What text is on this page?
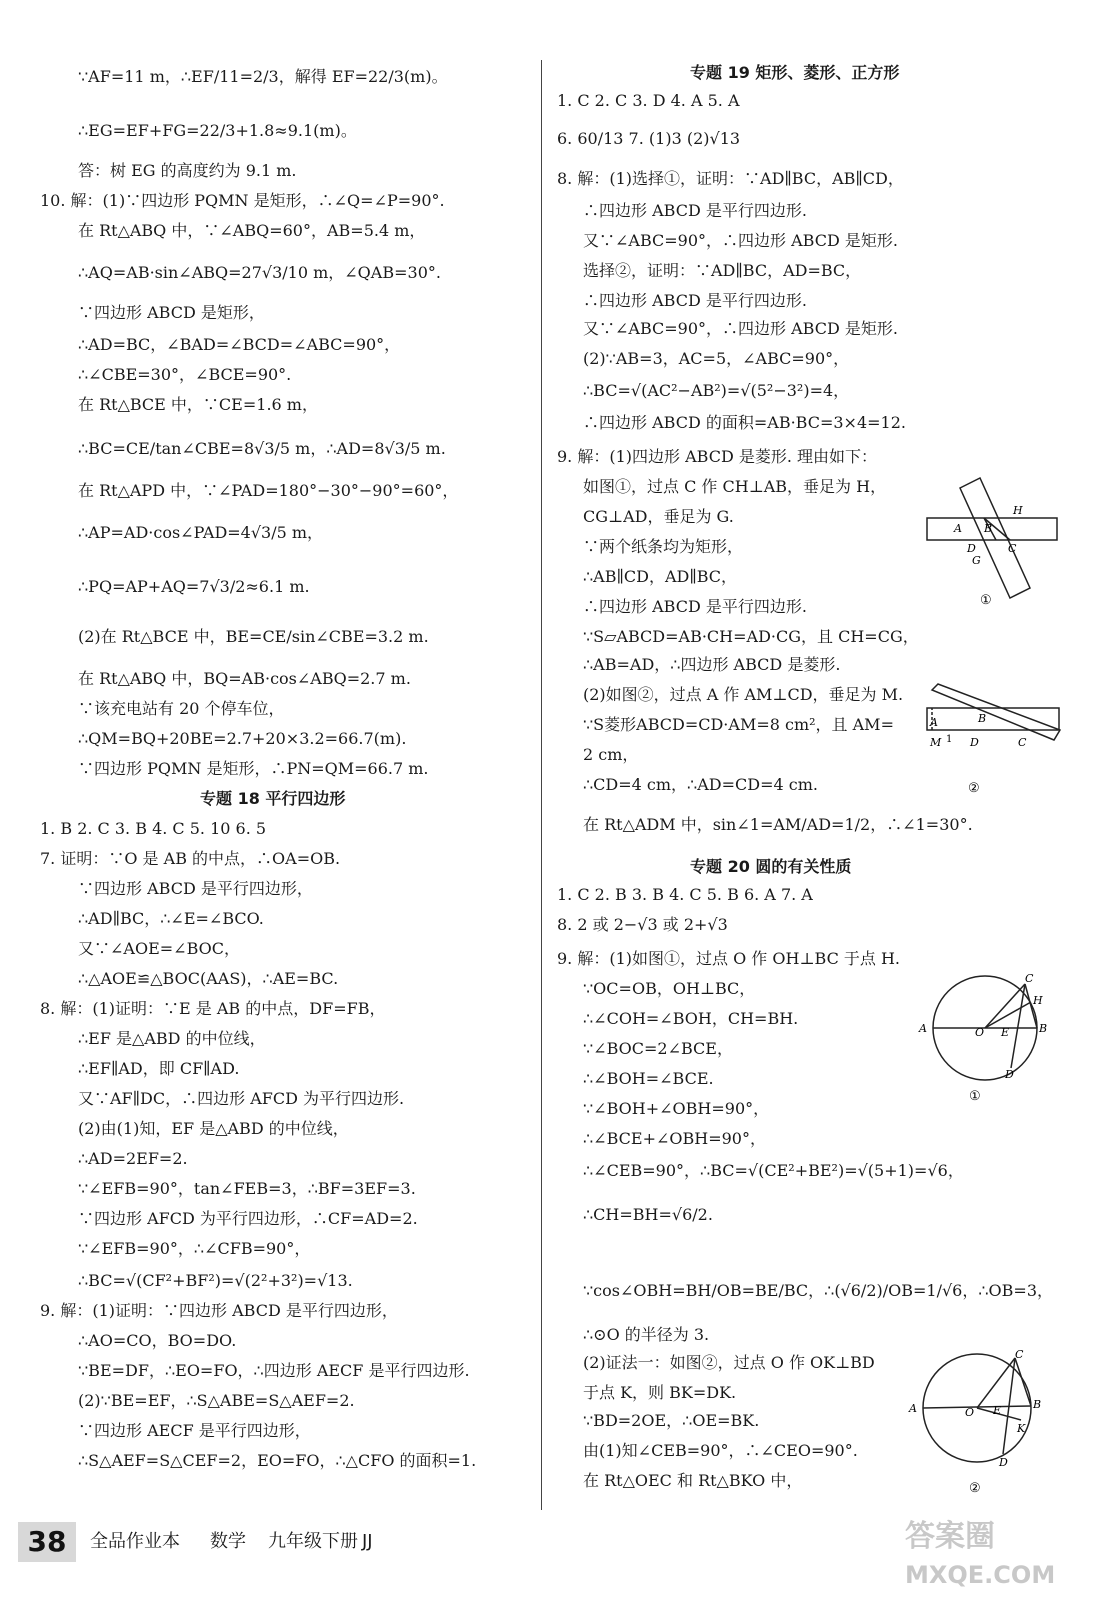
∵AF=11 m，∴EF/11=2/3，解得 EF=22/3(m)。
∴EG=EF+FG=22/3+1.8≈9.1(m)。
答：树 EG 的高度约为 9.1 m.
10. 解：(1)∵四边形 PQMN 是矩形，∴∠Q=∠P=90°.
在 Rt△ABQ 中，∵∠ABQ=60°，AB=5.4 m，
∴AQ=AB·sin∠ABQ=27√3/10 m，∠QAB=30°.
∵四边形 ABCD 是矩形，
∴AD=BC，∠BAD=∠BCD=∠ABC=90°，
∴∠CBE=30°，∠BCE=90°.
在 Rt△BCE 中，∵CE=1.6 m，
∴BC=CE/tan∠CBE=8√3/5 m，∴AD=8√3/5 m.
在 Rt△APD 中，∵∠PAD=180°−30°−90°=60°，
∴AP=AD·cos∠PAD=4√3/5 m，
∴PQ=AP+AQ=7√3/2≈6.1 m.
(2)在 Rt△BCE 中，BE=CE/sin∠CBE=3.2 m.
在 Rt△ABQ 中，BQ=AB·cos∠ABQ=2.7 m.
∵该充电站有 20 个停车位，
∴QM=BQ+20BE=2.7+20×3.2=66.7(m).
∵四边形 PQMN 是矩形，∴PN=QM=66.7 m.
专题 18 平行四边形
1. B 2. C 3. B 4. C 5. 10 6. 5
7. 证明：∵O 是 AB 的中点，∴OA=OB.
∵四边形 ABCD 是平行四边形，
∴AD∥BC，∴∠E=∠BCO.
又∵∠AOE=∠BOC，
∴△AOE≌△BOC(AAS)，∴AE=BC.
8. 解：(1)证明：∵E 是 AB 的中点，DF=FB，
∴EF 是△ABD 的中位线，
∴EF∥AD，即 CF∥AD.
又∵AF∥DC，∴四边形 AFCD 为平行四边形.
(2)由(1)知，EF 是△ABD 的中位线，
∴AD=2EF=2.
∵∠EFB=90°，tan∠FEB=3，∴BF=3EF=3.
∵四边形 AFCD 为平行四边形，∴CF=AD=2.
∵∠EFB=90°，∴∠CFB=90°，
∴BC=√(CF²+BF²)=√(2²+3²)=√13.
9. 解：(1)证明：∵四边形 ABCD 是平行四边形，
∴AO=CO，BO=DO.
∵BE=DF，∴EO=FO，∴四边形 AECF 是平行四边形.
(2)∵BE=EF，∴S△ABE=S△AEF=2.
∵四边形 AECF 是平行四边形，
∴S△AEF=S△CEF=2，EO=FO，∴△CFO 的面积=1.
专题 19 矩形、菱形、正方形
1. C 2. C 3. D 4. A 5. A
6. 60/13 7. (1)3 (2)√13
8. 解：(1)选择①，证明：∵AD∥BC，AB∥CD，
∴四边形 ABCD 是平行四边形.
又∵∠ABC=90°，∴四边形 ABCD 是矩形.
选择②，证明：∵AD∥BC，AD=BC，
∴四边形 ABCD 是平行四边形.
又∵∠ABC=90°，∴四边形 ABCD 是矩形.
(2)∵AB=3，AC=5，∠ABC=90°，
∴BC=√(AC²−AB²)=√(5²−3²)=4，
∴四边形 ABCD 的面积=AB·BC=3×4=12.
9. 解：(1)四边形 ABCD 是菱形. 理由如下：
如图①，过点 C 作 CH⊥AB，垂足为 H，
CG⊥AD，垂足为 G.
∵两个纸条均为矩形，
∴AB∥CD，AD∥BC，
∴四边形 ABCD 是平行四边形.
∵S▱ABCD=AB·CH=AD·CG，且 CH=CG，
∴AB=AD，∴四边形 ABCD 是菱形.
(2)如图②，过点 A 作 AM⊥CD，垂足为 M.
∵S菱形ABCD=CD·AM=8 cm²，且 AM=
2 cm，
∴CD=4 cm，∴AD=CD=4 cm.
在 Rt△ADM 中，sin∠1=AM/AD=1/2，∴∠1=30°.
专题 20 圆的有关性质
1. C 2. B 3. B 4. C 5. B 6. A 7. A
8. 2 或 2−√3 或 2+√3
9. 解：(1)如图①，过点 O 作 OH⊥BC 于点 H.
∵OC=OB，OH⊥BC，
∴∠COH=∠BOH，CH=BH.
∵∠BOC=2∠BCE，
∴∠BOH=∠BCE.
∵∠BOH+∠OBH=90°，
∴∠BCE+∠OBH=90°，
∴∠CEB=90°，∴BC=√(CE²+BE²)=√(5+1)=√6，
∴CH=BH=√6/2.
∵cos∠OBH=BH/OB=BE/BC，∴(√6/2)/OB=1/√6，∴OB=3，
∴⊙O 的半径为 3.
(2)证法一：如图②，过点 O 作 OK⊥BD
于点 K，则 BK=DK.
∵BD=2OE，∴OE=BK.
由(1)知∠CEB=90°，∴∠CEO=90°.
在 Rt△OEC 和 Rt△BKO 中，
H
A B
D
G
C
①
A	B
M 1 D	C
②
C
H
A	O E	B
D
①
C
A	O E
K
B
D
②
38	全品作业本 数学 九年级下册 JJ	答案圈
MXQE.COM
